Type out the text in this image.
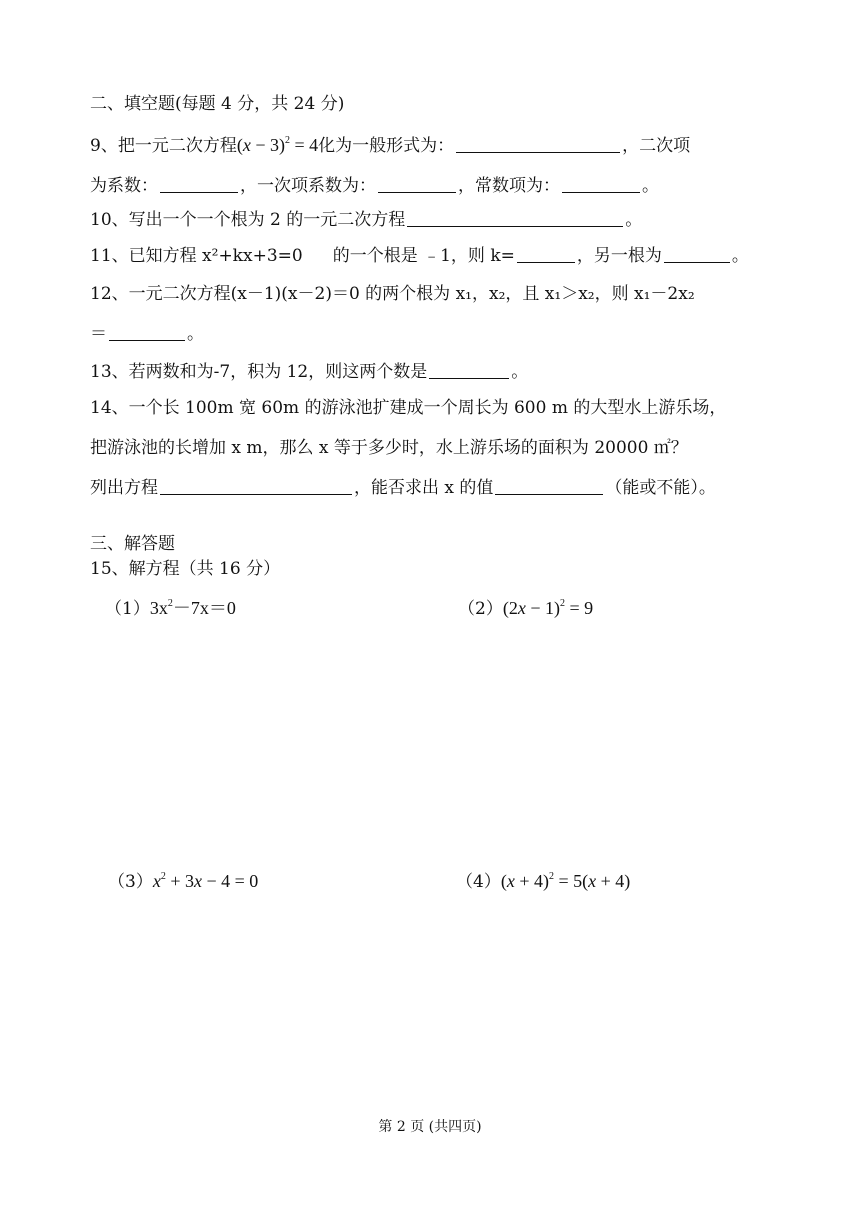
二、填空题(每题 4 分，共 24 分)
9、把一元二次方程$(x - 3)^2 = 4$化为一般形式为：	，二次项
为系数：	，一次项系数为：	，常数项为：	。
10、写出一个一个根为 2 的一元二次方程	。
11、已知方程 x²+kx+3=0 的一个根是 ﹣1，则 k=	，另一根为	。
12、一元二次方程(x－1)(x－2)＝0 的两个根为 x₁，x₂，且 x₁＞x₂，则 x₁－2x₂
＝	。
13、若两数和为-7，积为 12，则这两个数是	。
14、一个长 100m 宽 60m 的游泳池扩建成一个周长为 600 m 的大型水上游乐场，
把游泳池的长增加 x m，那么 x 等于多少时，水上游乐场的面积为 20000 ㎡？
列出方程	，能否求出 x 的值	（能或不能）。
三、解答题
15、解方程（共 16 分）
$(1)3x^2-7x=0$	$(2)(2x - 1)^2 = 9$
$(3)x^2 + 3x - 4 = 0$	$(4)(x + 4)^2 = 5(x + 4)$
第 2 页 (共四页)
